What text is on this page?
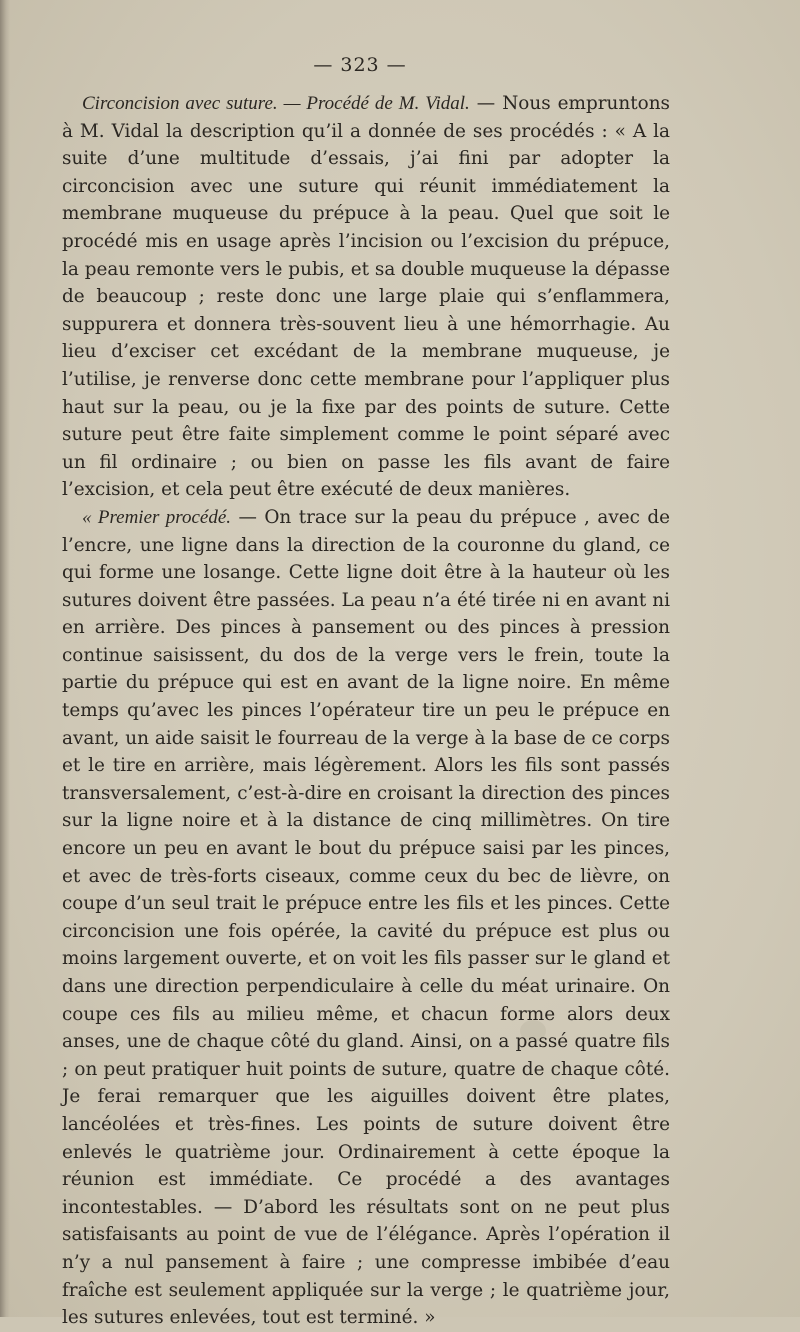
— 323 —

Circoncision avec suture. — Procédé de M. Vidal. — Nous empruntons à M. Vidal la description qu’il a donnée de ses procédés : « A la suite d’une multitude d’essais, j’ai fini par adopter la circoncision avec une suture qui réunit immédiatement la membrane muqueuse du prépuce à la peau. Quel que soit le procédé mis en usage après l’incision ou l’excision du prépuce, la peau remonte vers le pubis, et sa double muqueuse la dépasse de beaucoup ; reste donc une large plaie qui s’enflammera, suppurera et donnera très-souvent lieu à une hémorrhagie. Au lieu d’exciser cet excédant de la membrane muqueuse, je l’utilise, je renverse donc cette membrane pour l’appliquer plus haut sur la peau, ou je la fixe par des points de suture. Cette suture peut être faite simplement comme le point séparé avec un fil ordinaire ; ou bien on passe les fils avant de faire l’excision, et cela peut être exécuté de deux manières.

« Premier procédé. — On trace sur la peau du prépuce , avec de l’encre, une ligne dans la direction de la couronne du gland, ce qui forme une losange. Cette ligne doit être à la hauteur où les sutures doivent être passées. La peau n’a été tirée ni en avant ni en arrière. Des pinces à pansement ou des pinces à pression continue saisissent, du dos de la verge vers le frein, toute la partie du prépuce qui est en avant de la ligne noire. En même temps qu’avec les pinces l’opérateur tire un peu le prépuce en avant, un aide saisit le fourreau de la verge à la base de ce corps et le tire en arrière, mais légèrement. Alors les fils sont passés transversalement, c’est-à-dire en croisant la direction des pinces sur la ligne noire et à la distance de cinq millimètres. On tire encore un peu en avant le bout du prépuce saisi par les pinces, et avec de très-forts ciseaux, comme ceux du bec de lièvre, on coupe d’un seul trait le prépuce entre les fils et les pinces. Cette circoncision une fois opérée, la cavité du prépuce est plus ou moins largement ouverte, et on voit les fils passer sur le gland et dans une direction perpendiculaire à celle du méat urinaire. On coupe ces fils au milieu même, et chacun forme alors deux anses, une de chaque côté du gland. Ainsi, on a passé quatre fils ; on peut pratiquer huit points de suture, quatre de chaque côté. Je ferai remarquer que les aiguilles doivent être plates, lancéolées et très-fines. Les points de suture doivent être enlevés le quatrième jour. Ordinairement à cette époque la réunion est immédiate. Ce procédé a des avantages incontestables. — D’abord les résultats sont on ne peut plus satisfaisants au point de vue de l’élégance. Après l’opération il n’y a nul pansement à faire ; une compresse imbibée d’eau fraîche est seulement appliquée sur la verge ; le quatrième jour, les sutures enlevées, tout est terminé. »
